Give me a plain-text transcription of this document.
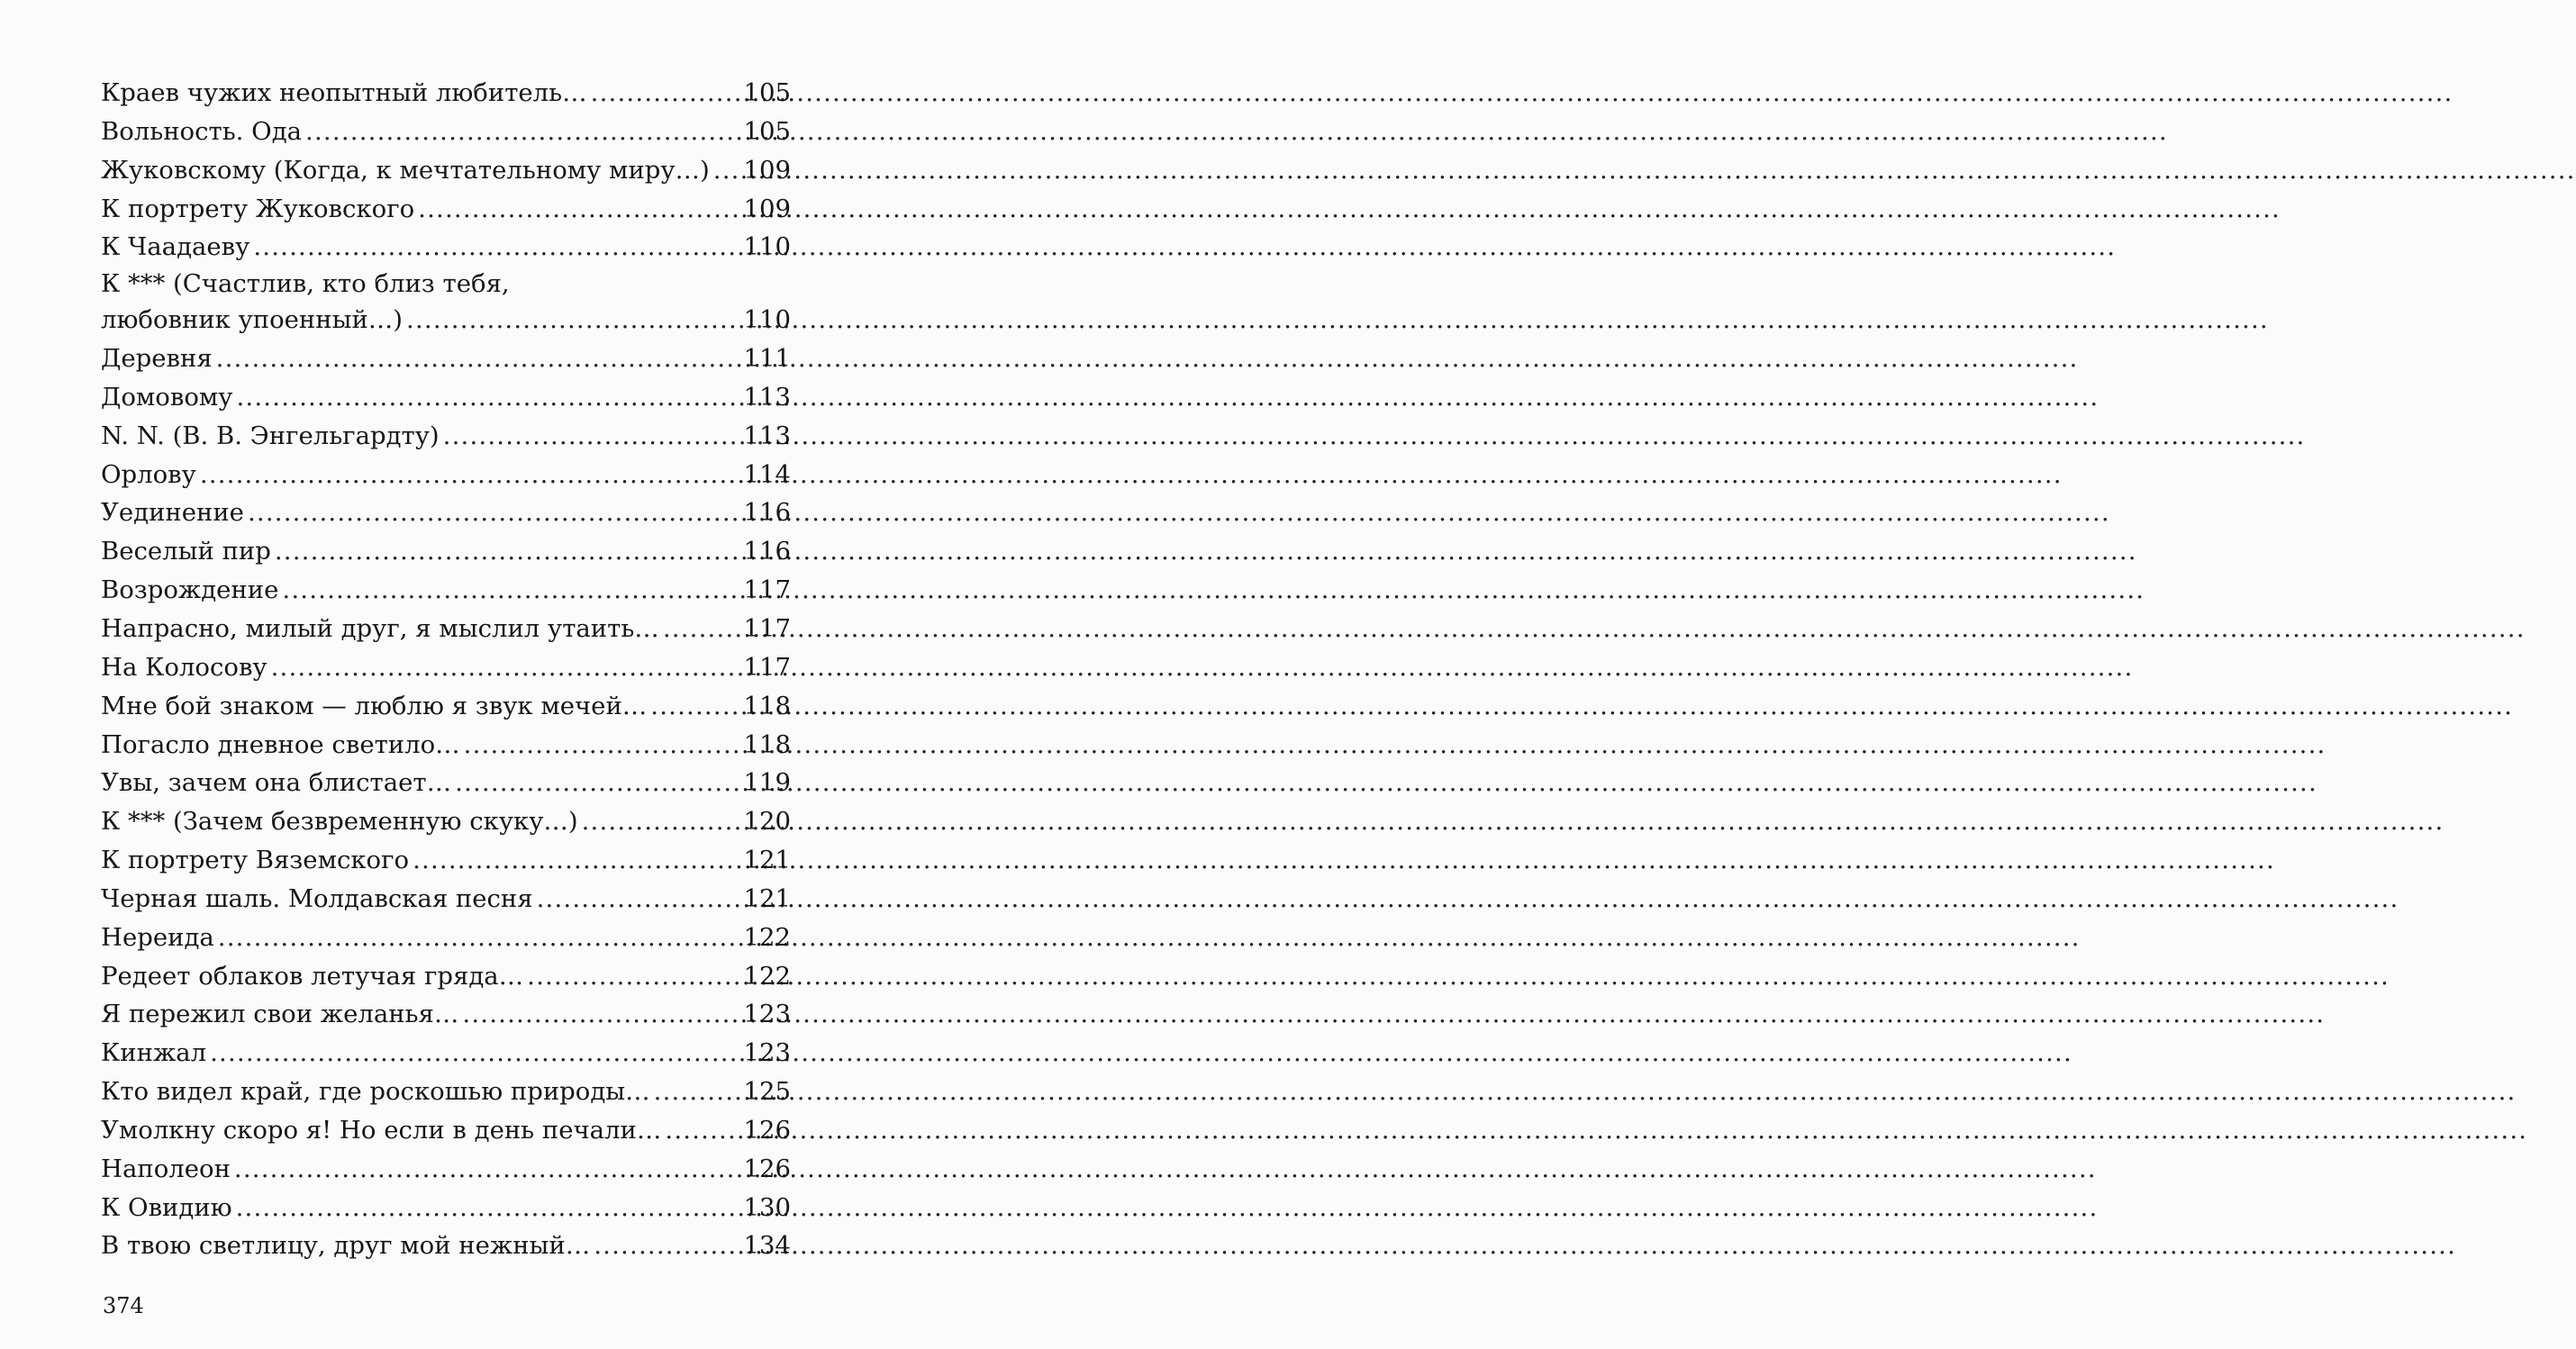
Краев чужих неопытный любитель… .....	105
Вольность. Ода .....	105
Жуковскому (Когда, к мечтательному миру…) ..... 109
К портрету Жуковского .....	109
К Чаадаеву .....	110
К *** (Счастлив, кто близ тебя,
любовник упоенный…) .....	110
Деревня .....	111
Домовому .....	113
N. N. (В. В. Энгельгардту) .....	113
Орлову .....	114
Уединение .....	116
Веселый пир .....	116
Возрождение .....	117
Напрасно, милый друг, я мыслил утаить… .....	117
На Колосову .....	117
Мне бой знаком — люблю я звук мечей… .....	118
Погасло дневное светило… .....	118
Увы, зачем она блистает… .....	119
К *** (Зачем безвременную скуку…) .....	120
К портрету Вяземского .....	121
Черная шаль. Молдавская песня .....	121
Нереида .....	122
Редеет облаков летучая гряда… .....	122
Я пережил свои желанья… .....	123
Кинжал .....	123
Кто видел край, где роскошью природы… .....	125
Умолкну скоро я! Но если в день печали… .....	126
Наполеон .....	126
К Овидию .....	130
В твою светлицу, друг мой нежный… .....	134
374
